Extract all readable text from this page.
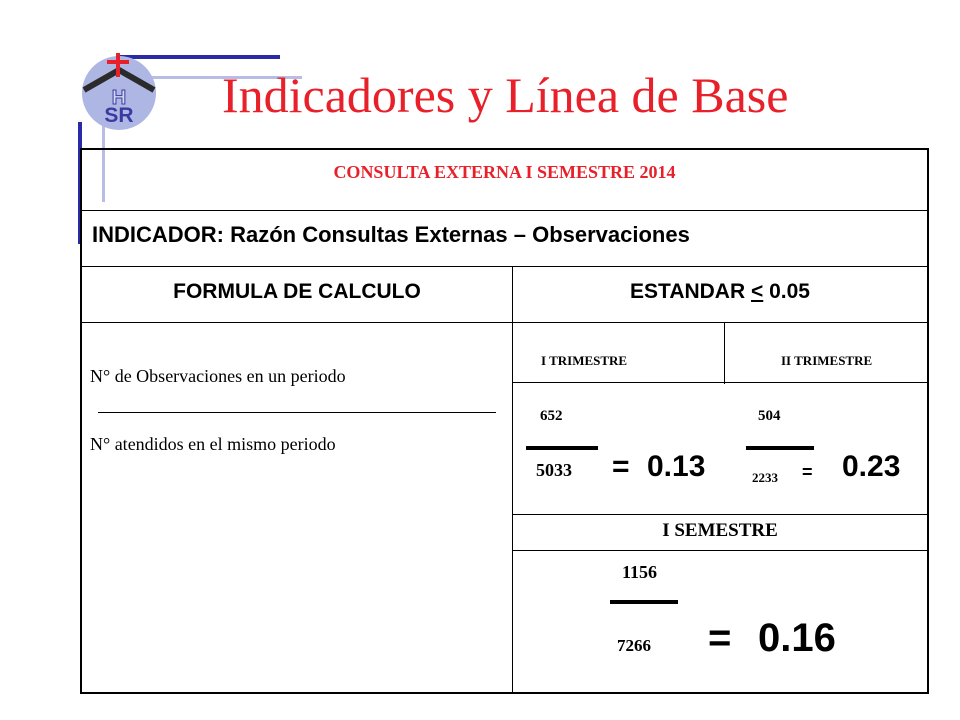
H
SR Indicadores y Línea de Base
CONSULTA EXTERNA I SEMESTRE 2014
INDICADOR: Razón Consultas Externas – Observaciones
FORMULA DE CALCULO	ESTANDAR < 0.05
N° de Observaciones en un periodo
N° atendidos en el mismo periodo
I TRIMESTRE	II TRIMESTRE
652
5033 = 0.13
504
2233 = 0.23
I SEMESTRE
1156
7266 = 0.16
